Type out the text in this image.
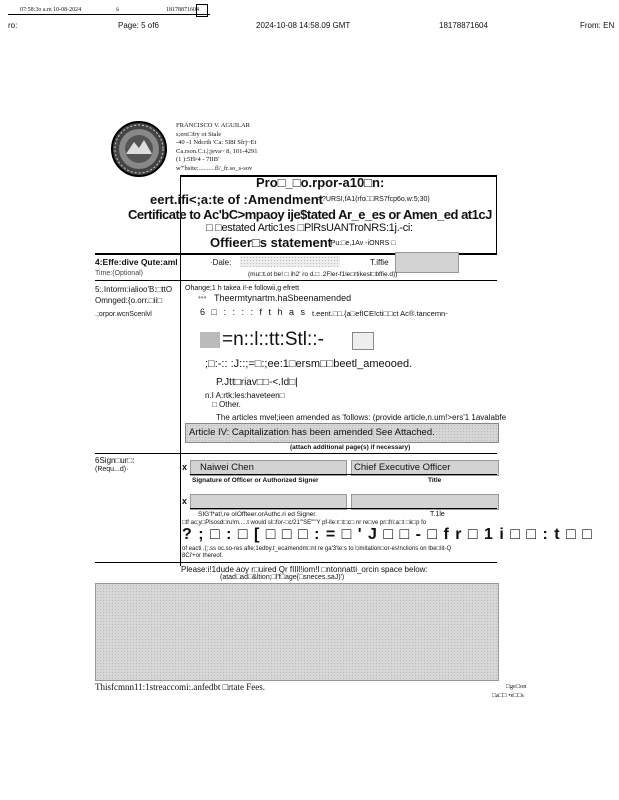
07:58:3o a.m 10-08-2024	s	18178871604
ro:	Page: 5 of6	2024-10-08 14:58.09 GMT	18178871604	From: EN
FRANCISCO V. AGUILAR
s;ere□fry ot Stale
-40 -1 Ndcrth 'Ca: 5I8I Sfrj~Et
Ca.rson.C.i.|;jeva~ 8, 101-4291
(1 ):5I9/4 - 7IIB'
w'"bsite:..........fl/_fr.so_s-sov
Pro□_□o.rpor-a10□n:
eert.ifi<;a:te of :Amendment
<.?URSI,fA1(rfo□□RS7fcp6o.w:5;30)
Certificate to Ac'bC>mpaoy ije$tated Ar_e_es or Amen_ed at1cJ
□ □estated Artic1es □PlRsUANTroNRS:1j.-ci:
Offieer□s statement
*Pu:□e,1Av -iONRS □
4:Effe:dive Qute:aml
Time:(Optional)
·Dale:	T.iffie
(mu□t.ot be! □ ih2' ro d.□ .2Fler-f1le□rtikest□bffie.d))
5:.Intorm:ialioo'B:□ttO
Omnged:{o.orr.□ii□
.;orpor.wcnScenlvl
Ohange;1 h takea i!-e followii,g efrett
••• Theermtynartm.haSbeenamended
6 □ : : : : f t h a s t.eent.□□.{a□efICE!cti□□ct Ac®.tancemn-
=n::l::tt:Stl::-
;□:-:: :J::;=□:;ee:1□ersm□□beetl_ameooed.
P.Jtt□riav□□-<.Id□|
n.I A:rtk:les:haveteen□
□ Other.
The articles mvel;ieen amended as 'follows: (provide article,n.um!>ers'1 1avalabfe
Article IV: Capitalization has been amended See Attached.
(attach additional page(s) if necessary)
6Sign□ur□:
(Requ...d)·	x Naiwei Chen	Chief Executive Officer
Signature of Officer or Authorized Signer	Title
x
SIG'f*at!,re oIOffteer.orAuthc.ri ed Signer.	T.1le
□tf ac;y□Plsosd□ru!m.....t would sl□for-□c/21'"SE""'Y pf-lle:r□t□c□ nr re□ve pr□fri:a□t □k□p fo
? ; □ : □ [ □ □ □ : = □ ' J □ □ - □ f r □ 1 i □ □ : t □ □
of eacti .(;.ss oc.so-res afie;1edby.t_ecamendm□nt re ga'3'te:s to l;imitation□or-es!nclions on tbe□lit-Q
8Ci'+or thereof.
Please:i!1dude aoy r□uired Qr fIIll!iom!l □ntonnatti_orcin space below:
(atad□ad□&ltion;□l'f□age{□sneces.saJ)')
Thisfcmnn11:1streaccomi:.anfedbt □rtate Fees.	□ge□on
□a□□ •e□□s
